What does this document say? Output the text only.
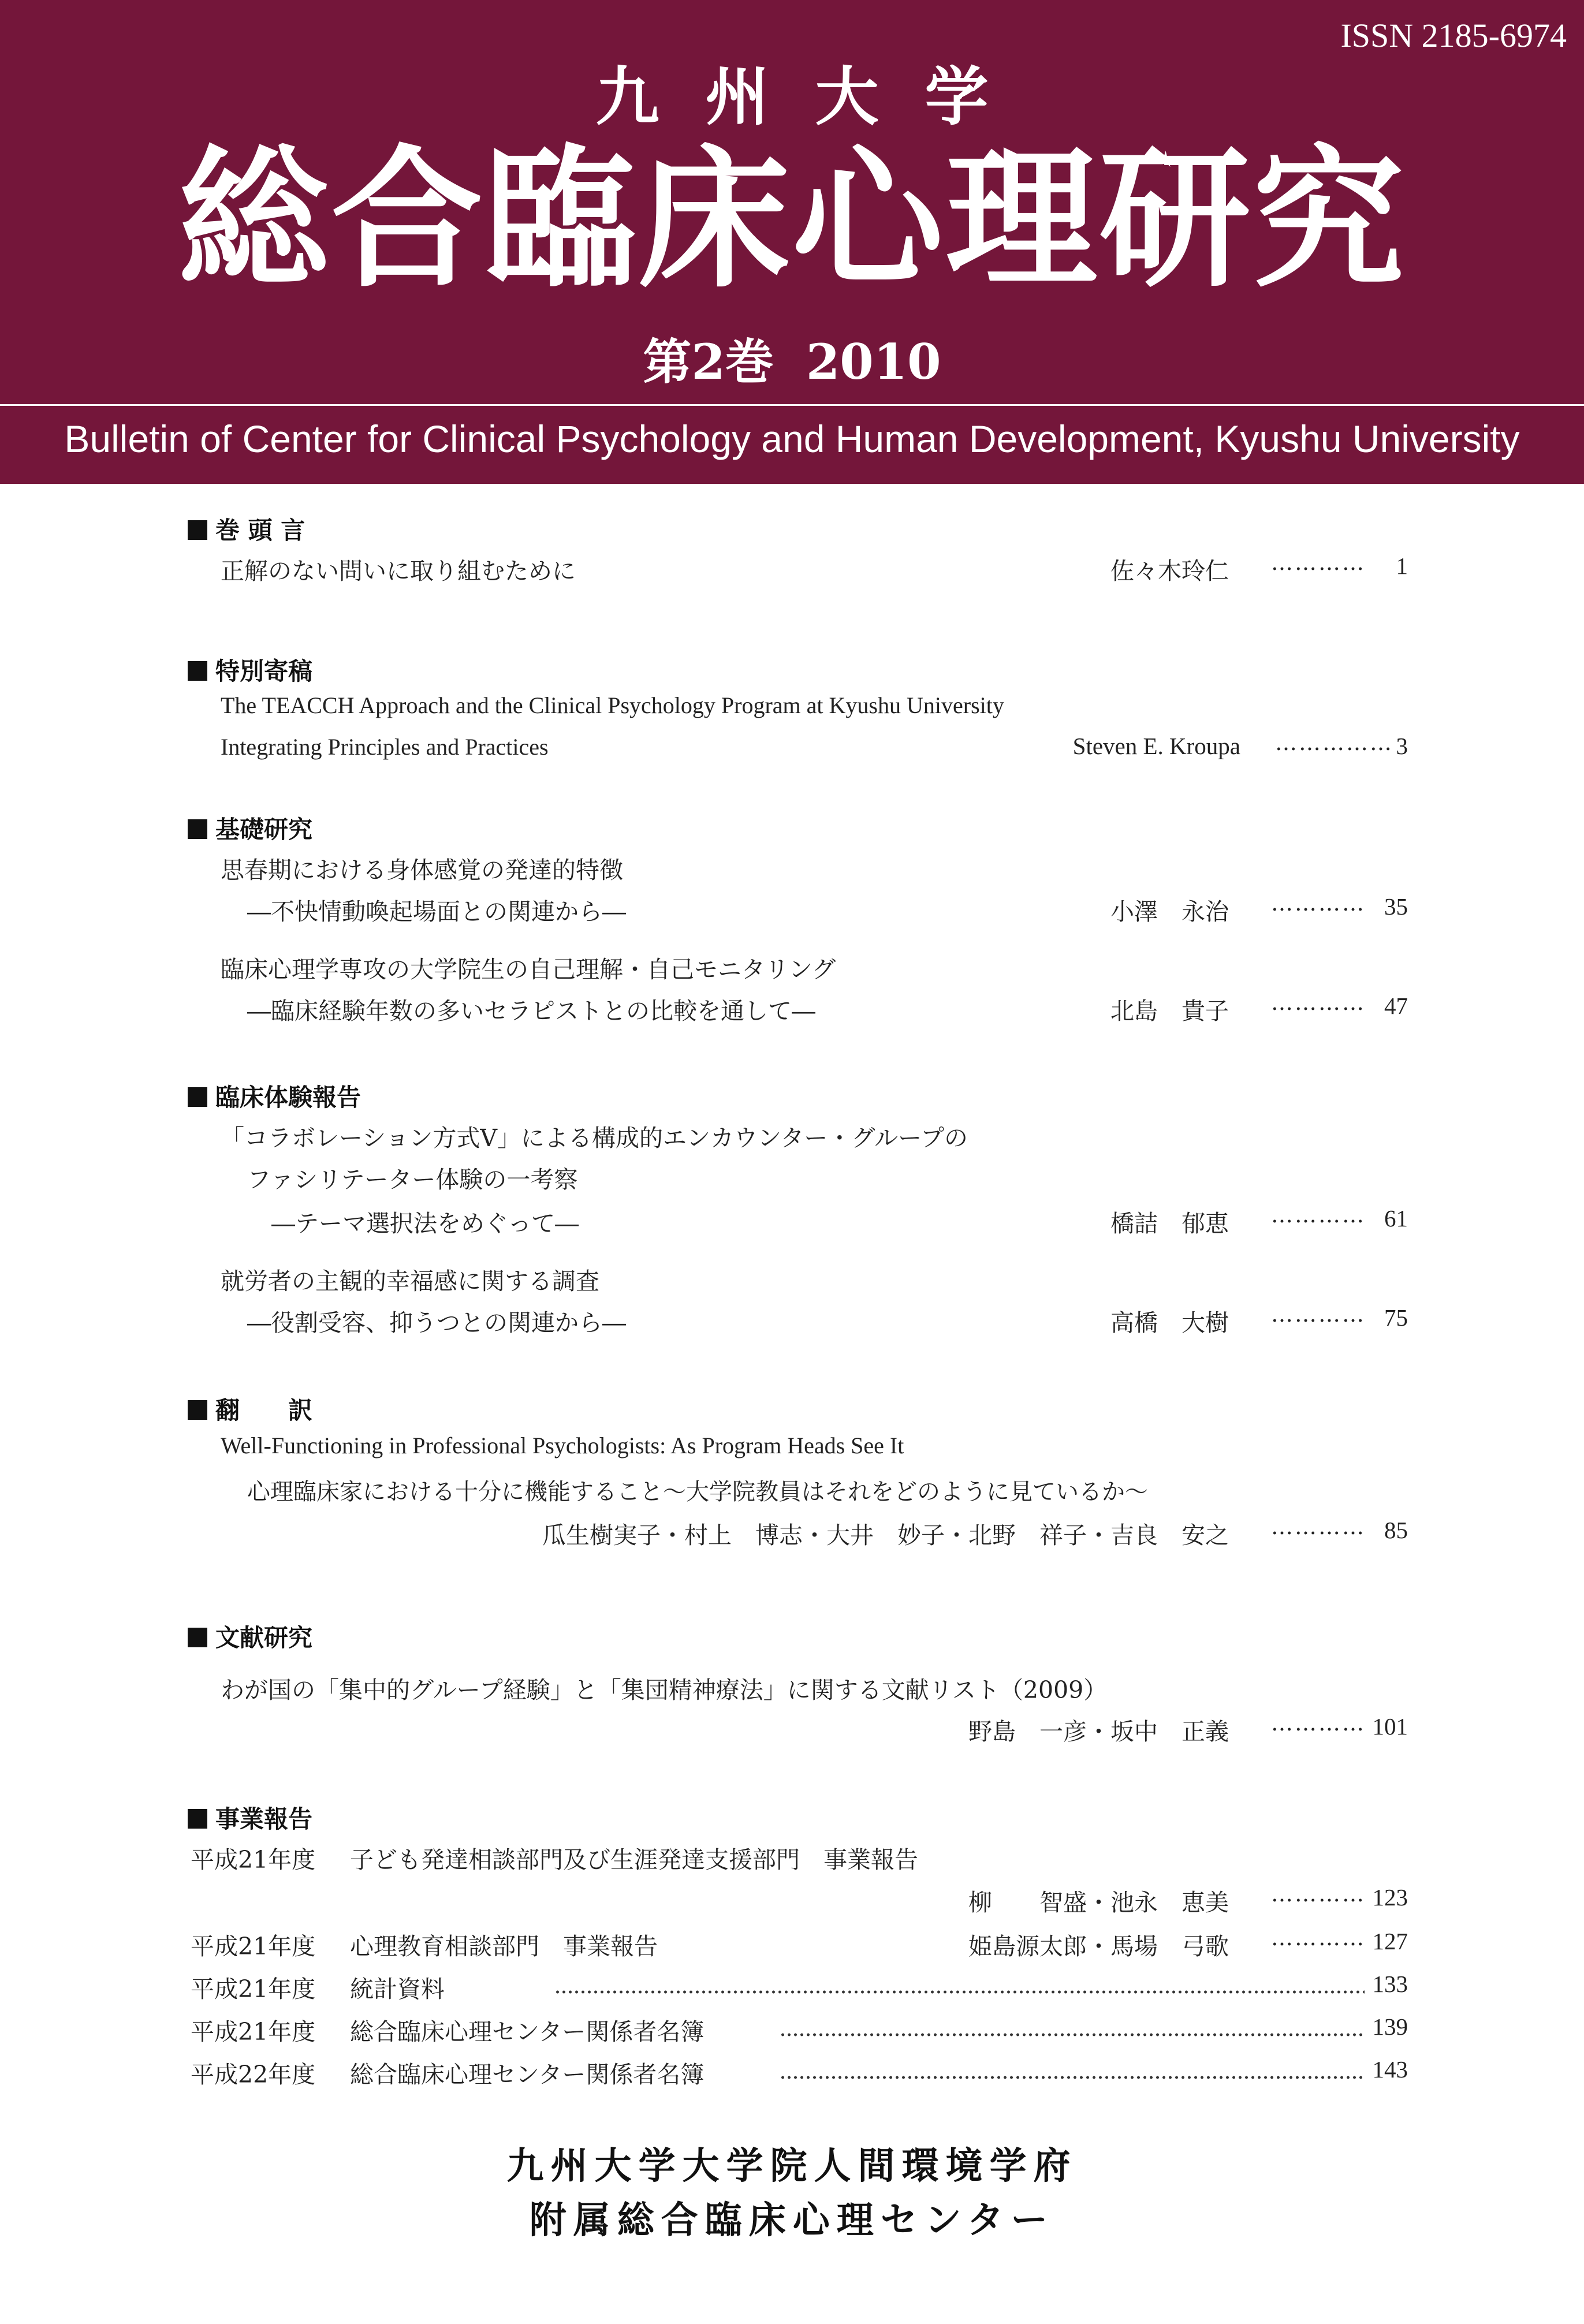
ISSN 2185-6974
九州大学
総合臨床心理研究
第2巻 2010
Bulletin of Center for Clinical Psychology and Human Development, Kyushu University
巻 頭 言
正解のない問いに取り組むために	佐々木玲仁 ………… 1
特別寄稿
The TEACCH Approach and the Clinical Psychology Program at Kyushu University
Integrating Principles and Practices	Steven E. Kroupa …………… 3
基礎研究
思春期における身体感覚の発達的特徴
―不快情動喚起場面との関連から―	小澤　永治 ………… 35
臨床心理学専攻の大学院生の自己理解・自己モニタリング
―臨床経験年数の多いセラピストとの比較を通して―	北島　貴子 ………… 47
臨床体験報告
「コラボレーション方式Ⅴ」による構成的エンカウンター・グループの
ファシリテーター体験の一考察
―テーマ選択法をめぐって―	橋詰　郁恵 ………… 61
就労者の主観的幸福感に関する調査
―役割受容、抑うつとの関連から―	高橋　大樹 ………… 75
翻　　訳
Well-Functioning in Professional Psychologists: As Program Heads See It
心理臨床家における十分に機能すること～大学院教員はそれをどのように見ているか～
瓜生樹実子・村上　博志・大井　妙子・北野　祥子・吉良　安之 ………… 85
文献研究
わが国の「集中的グループ経験」と「集団精神療法」に関する文献リスト（2009）
野島　一彦・坂中　正義 ………… 101
事業報告
平成21年度 子ども発達相談部門及び生涯発達支援部門　事業報告
柳　　智盛・池永　恵美 ………… 123
平成21年度 心理教育相談部門　事業報告	姫島源太郎・馬場　弓歌 ………… 127
平成21年度 統計資料	133
平成21年度 総合臨床心理センター関係者名簿	139
平成22年度 総合臨床心理センター関係者名簿	143
九州大学大学院人間環境学府
附属総合臨床心理センター
